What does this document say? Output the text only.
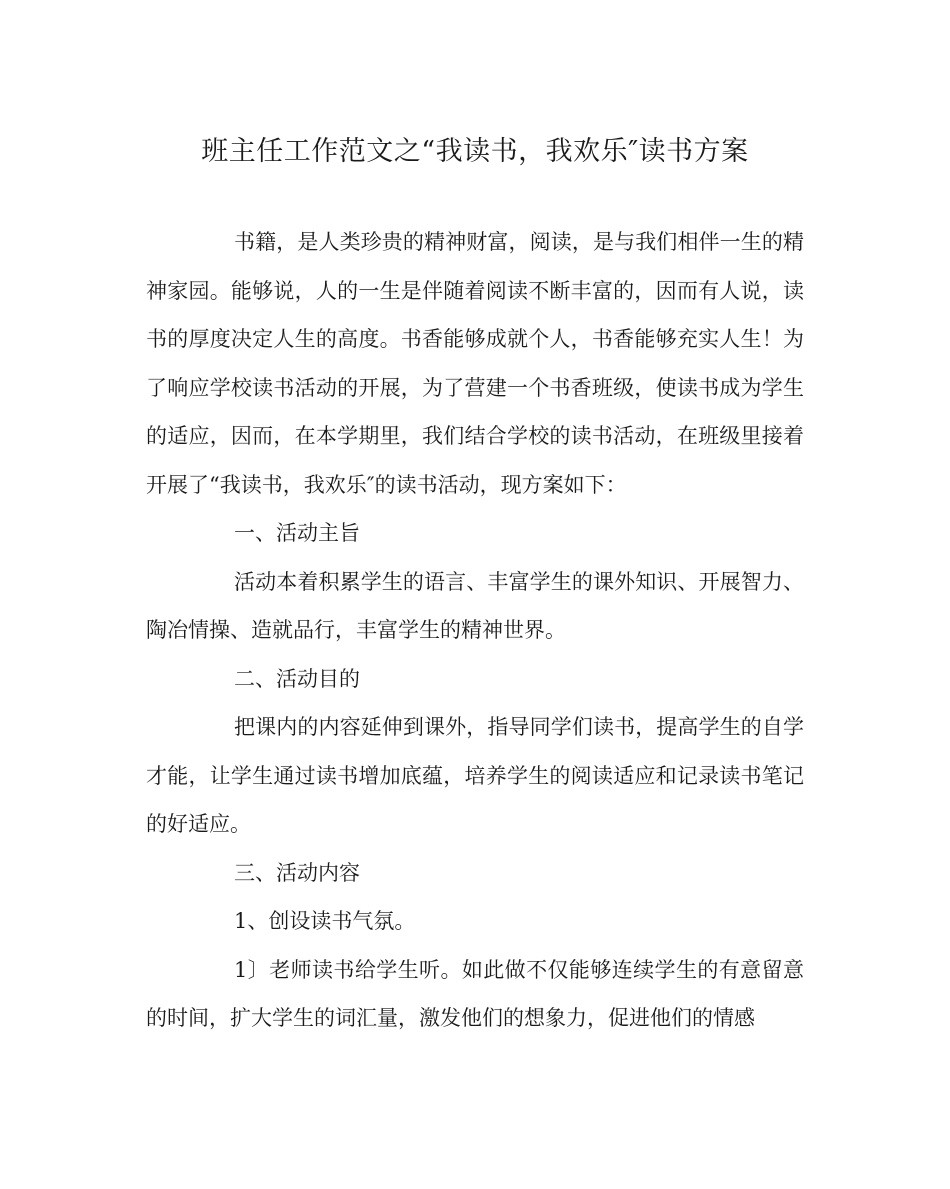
班主任工作范文之“我读书，我欢乐″读书方案

书籍，是人类珍贵的精神财富，阅读，是与我们相伴一生的精神家园。能够说，人的一生是伴随着阅读不断丰富的，因而有人说，读书的厚度决定人生的高度。书香能够成就个人，书香能够充实人生！为了响应学校读书活动的开展，为了营建一个书香班级，使读书成为学生的适应，因而，在本学期里，我们结合学校的读书活动，在班级里接着开展了“我读书，我欢乐″的读书活动，现方案如下：

一、活动主旨

活动本着积累学生的语言、丰富学生的课外知识、开展智力、陶冶情操、造就品行，丰富学生的精神世界。

二、活动目的

把课内的内容延伸到课外，指导同学们读书，提高学生的自学才能，让学生通过读书增加底蕴，培养学生的阅读适应和记录读书笔记的好适应。

三、活动内容

1、创设读书气氛。

1〕老师读书给学生听。如此做不仅能够连续学生的有意留意的时间，扩大学生的词汇量，激发他们的想象力，促进他们的情感
